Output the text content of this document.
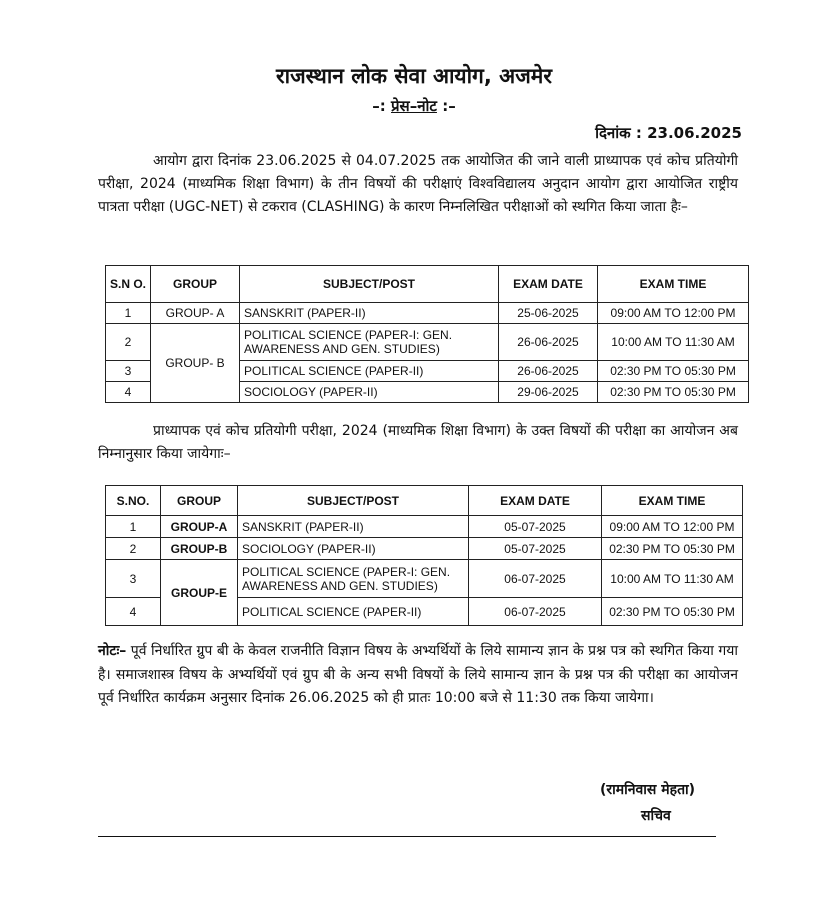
राजस्थान लोक सेवा आयोग, अजमेर
–: प्रेस–नोट :–
दिनांक : 23.06.2025
आयोग द्वारा दिनांक 23.06.2025 से 04.07.2025 तक आयोजित की जाने वाली प्राध्यापक एवं कोच प्रतियोगी परीक्षा, 2024 (माध्यमिक शिक्षा विभाग) के तीन विषयों की परीक्षाएं विश्वविद्यालय अनुदान आयोग द्वारा आयोजित राष्ट्रीय पात्रता परीक्षा (UGC-NET) से टकराव (CLASHING) के कारण निम्नलिखित परीक्षाओं को स्थगित किया जाता हैः–
S.N O.	GROUP	SUBJECT/POST	EXAM DATE	EXAM TIME
1	GROUP- A	SANSKRIT (PAPER-II)	25-06-2025	09:00 AM TO 12:00 PM
2	GROUP- B	POLITICAL SCIENCE (PAPER-I: GEN. AWARENESS AND GEN. STUDIES)	26-06-2025	10:00 AM TO 11:30 AM
3		POLITICAL SCIENCE (PAPER-II)	26-06-2025	02:30 PM TO 05:30 PM
4		SOCIOLOGY (PAPER-II)	29-06-2025	02:30 PM TO 05:30 PM
प्राध्यापक एवं कोच प्रतियोगी परीक्षा, 2024 (माध्यमिक शिक्षा विभाग) के उक्त विषयों की परीक्षा का आयोजन अब निम्नानुसार किया जायेगाः–
S.NO.	GROUP	SUBJECT/POST	EXAM DATE	EXAM TIME
1	GROUP-A	SANSKRIT (PAPER-II)	05-07-2025	09:00 AM TO 12:00 PM
2	GROUP-B	SOCIOLOGY (PAPER-II)	05-07-2025	02:30 PM TO 05:30 PM
3	GROUP-E	POLITICAL SCIENCE (PAPER-I: GEN. AWARENESS AND GEN. STUDIES)	06-07-2025	10:00 AM TO 11:30 AM
4		POLITICAL SCIENCE (PAPER-II)	06-07-2025	02:30 PM TO 05:30 PM
नोटः– पूर्व निर्धारित ग्रुप बी के केवल राजनीति विज्ञान विषय के अभ्यर्थियों के लिये सामान्य ज्ञान के प्रश्न पत्र को स्थगित किया गया है। समाजशास्त्र विषय के अभ्यर्थियों एवं ग्रुप बी के अन्य सभी विषयों के लिये सामान्य ज्ञान के प्रश्न पत्र की परीक्षा का आयोजन पूर्व निर्धारित कार्यक्रम अनुसार दिनांक 26.06.2025 को ही प्रातः 10:00 बजे से 11:30 तक किया जायेगा।
(रामनिवास मेहता)
सचिव
